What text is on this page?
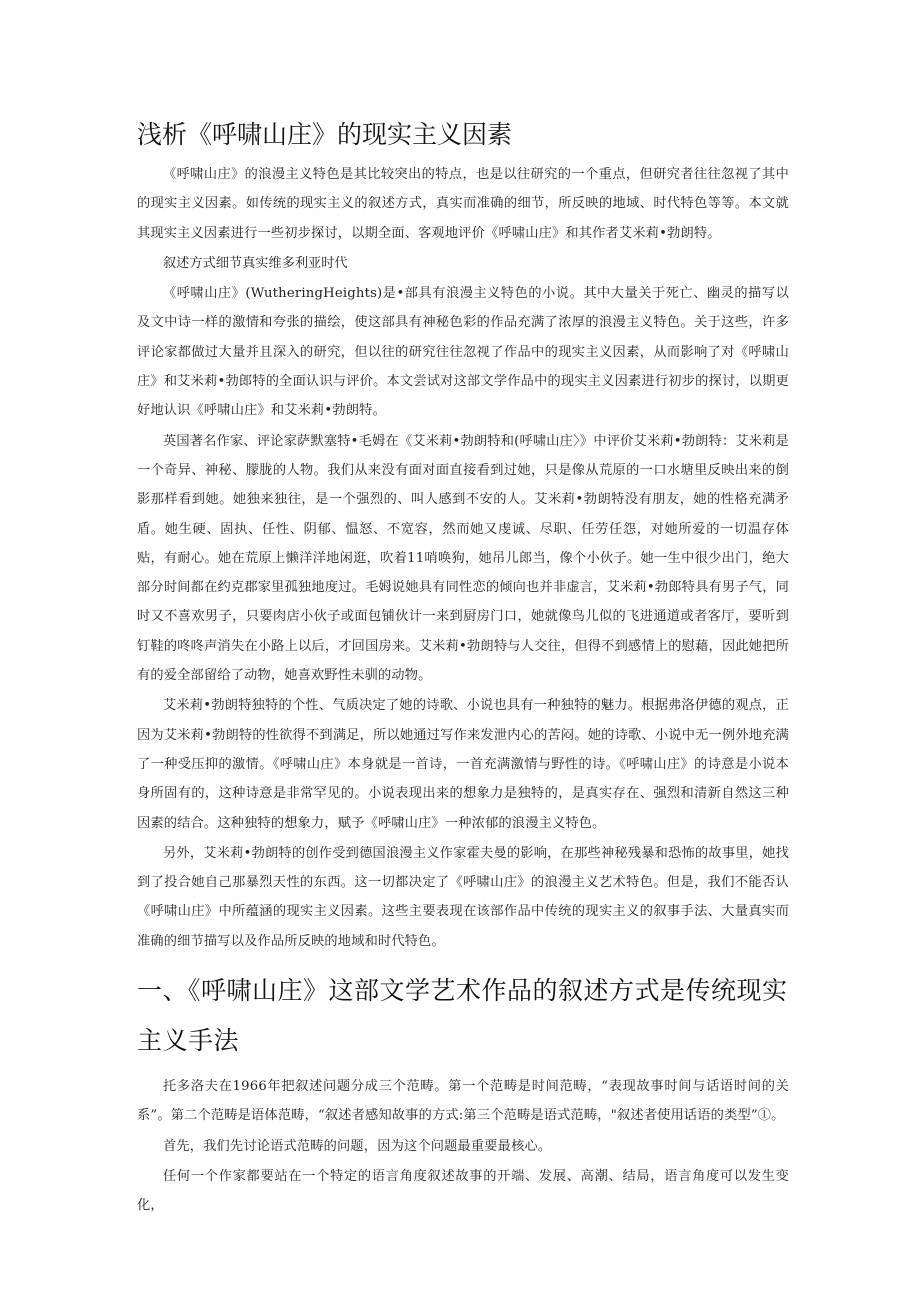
浅析《呼啸山庄》的现实主义因素

《呼啸山庄》的浪漫主义特色是其比较突出的特点，也是以往研究的一个重点，但研究者往往忽视了其中的现实主义因素。如传统的现实主义的叙述方式，真实而准确的细节，所反映的地域、时代特色等等。本文就其现实主义因素进行一些初步探讨，以期全面、客观地评价《呼啸山庄》和其作者艾米莉•勃朗特。

叙述方式细节真实维多利亚时代

《呼啸山庄》(WutheringHeights)是•部具有浪漫主义特色的小说。其中大量关于死亡、幽灵的描写以及文中诗一样的激情和夸张的描绘，使这部具有神秘色彩的作品充满了浓厚的浪漫主义特色。关于这些，许多评论家都做过大量并且深入的研究，但以往的研究往往忽视了作品中的现实主义因素，从而影响了对《呼啸山庄》和艾米莉•勃郎特的全面认识与评价。本文尝试对这部文学作品中的现实主义因素进行初步的探讨，以期更好地认识《呼啸山庄》和艾米莉•勃朗特。

英国著名作家、评论家萨默塞特•毛姆在《艾米莉•勃朗特和(呼啸山庄〉》中评价艾米莉•勃朗特：艾米莉是一个奇异、神秘、朦胧的人物。我们从来没有面对面直接看到过她，只是像从荒原的一口水塘里反映出来的倒影那样看到她。她独来独往，是一个强烈的、叫人感到不安的人。艾米莉•勃朗特没有朋友，她的性格充满矛盾。她生硬、固执、任性、阴郁、愠怒、不宽容，然而她又虔诚、尽职、任劳任怨，对她所爱的一切温存体贴，有耐心。她在荒原上懒洋洋地闲逛，吹着11哨唤狗，她吊儿郎当，像个小伙子。她一生中很少出门，绝大部分时间都在约克郡家里孤独地度过。毛姆说她具有同性恋的倾向也并非虚言，艾米莉•勃郎特具有男子气，同时又不喜欢男子，只要肉店小伙子或面包铺伙计一来到厨房门口，她就像鸟儿似的飞进通道或者客厅，要听到钉鞋的咚咚声消失在小路上以后，才回国房来。艾米莉•勃朗特与人交往，但得不到感情上的慰藉，因此她把所有的爱全部留给了动物，她喜欢野性未驯的动物。

艾米莉•勃朗特独特的个性、气质决定了她的诗歌、小说也具有一种独特的魅力。根据弗洛伊德的观点，正因为艾米莉•勃朗特的性欲得不到满足，所以她通过写作来发泄内心的苦闷。她的诗歌、小说中无一例外地充满了一种受压抑的激情。《呼啸山庄》本身就是一首诗，一首充满激情与野性的诗。《呼啸山庄》的诗意是小说本身所固有的，这种诗意是非常罕见的。小说表现出来的想象力是独特的，是真实存在、强烈和清新自然这三种因素的结合。这种独特的想象力，赋予《呼啸山庄》一种浓郁的浪漫主义特色。

另外，艾米莉•勃朗特的创作受到德国浪漫主义作家霍夫曼的影响，在那些神秘残暴和恐怖的故事里，她找到了投合她自己那暴烈天性的东西。这一切都决定了《呼啸山庄》的浪漫主义艺术特色。但是，我们不能否认《呼啸山庄》中所蕴涵的现实主义因素。这些主要表现在该部作品中传统的现实主义的叙事手法、大量真实而准确的细节描写以及作品所反映的地域和时代特色。

一、《呼啸山庄》这部文学艺术作品的叙述方式是传统现实主义手法

托多洛夫在1966年把叙述问题分成三个范畴。第一个范畴是时间范畴，“表现故事时间与话语时间的关系”。第二个范畴是语体范畴，“叙述者感知故事的方式:第三个范畴是语式范畴，"叙述者使用话语的类型”①。

首先，我们先讨论语式范畴的问题，因为这个问题最重要最核心。

任何一个作家都要站在一个特定的语言角度叙述故事的开端、发展、高潮、结局，语言角度可以发生变化，
